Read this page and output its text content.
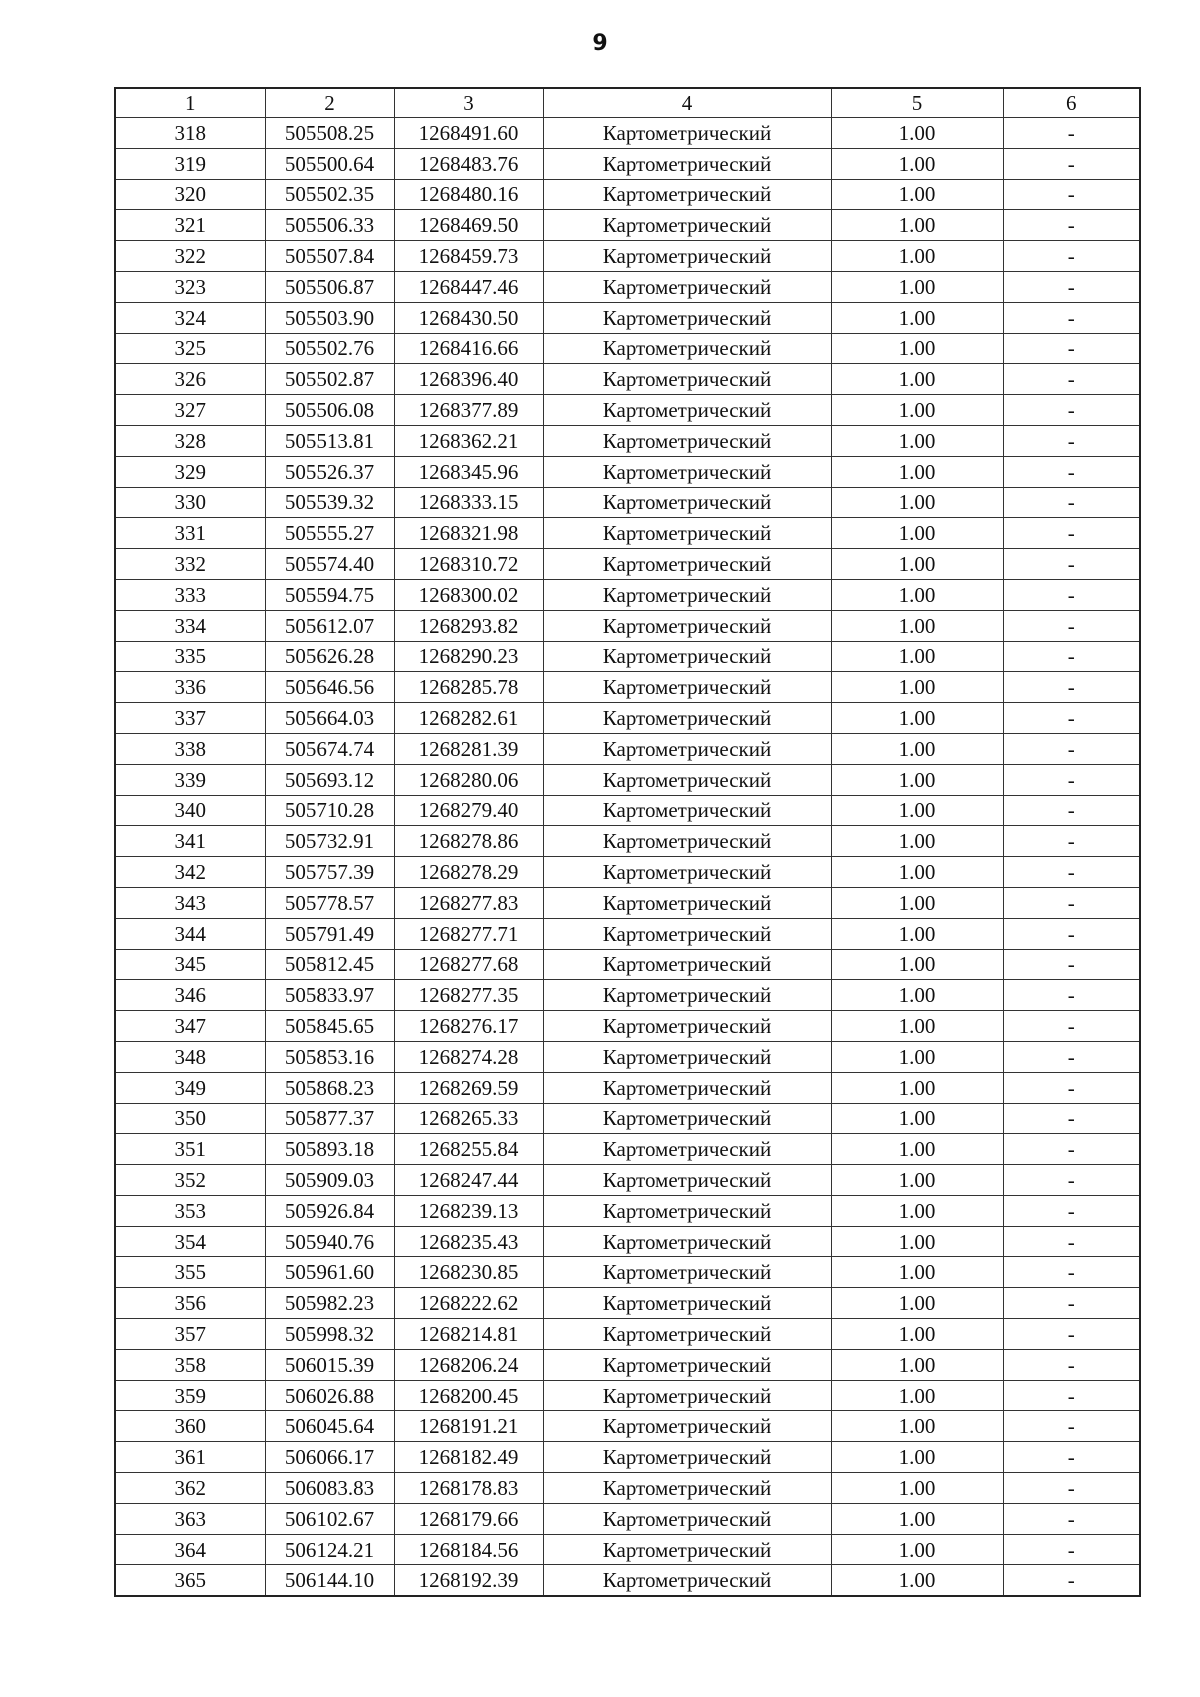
9
1	2	3	4	5	6
318	505508.25	1268491.60	Картометрический	1.00	-
319	505500.64	1268483.76	Картометрический	1.00	-
320	505502.35	1268480.16	Картометрический	1.00	-
321	505506.33	1268469.50	Картометрический	1.00	-
322	505507.84	1268459.73	Картометрический	1.00	-
323	505506.87	1268447.46	Картометрический	1.00	-
324	505503.90	1268430.50	Картометрический	1.00	-
325	505502.76	1268416.66	Картометрический	1.00	-
326	505502.87	1268396.40	Картометрический	1.00	-
327	505506.08	1268377.89	Картометрический	1.00	-
328	505513.81	1268362.21	Картометрический	1.00	-
329	505526.37	1268345.96	Картометрический	1.00	-
330	505539.32	1268333.15	Картометрический	1.00	-
331	505555.27	1268321.98	Картометрический	1.00	-
332	505574.40	1268310.72	Картометрический	1.00	-
333	505594.75	1268300.02	Картометрический	1.00	-
334	505612.07	1268293.82	Картометрический	1.00	-
335	505626.28	1268290.23	Картометрический	1.00	-
336	505646.56	1268285.78	Картометрический	1.00	-
337	505664.03	1268282.61	Картометрический	1.00	-
338	505674.74	1268281.39	Картометрический	1.00	-
339	505693.12	1268280.06	Картометрический	1.00	-
340	505710.28	1268279.40	Картометрический	1.00	-
341	505732.91	1268278.86	Картометрический	1.00	-
342	505757.39	1268278.29	Картометрический	1.00	-
343	505778.57	1268277.83	Картометрический	1.00	-
344	505791.49	1268277.71	Картометрический	1.00	-
345	505812.45	1268277.68	Картометрический	1.00	-
346	505833.97	1268277.35	Картометрический	1.00	-
347	505845.65	1268276.17	Картометрический	1.00	-
348	505853.16	1268274.28	Картометрический	1.00	-
349	505868.23	1268269.59	Картометрический	1.00	-
350	505877.37	1268265.33	Картометрический	1.00	-
351	505893.18	1268255.84	Картометрический	1.00	-
352	505909.03	1268247.44	Картометрический	1.00	-
353	505926.84	1268239.13	Картометрический	1.00	-
354	505940.76	1268235.43	Картометрический	1.00	-
355	505961.60	1268230.85	Картометрический	1.00	-
356	505982.23	1268222.62	Картометрический	1.00	-
357	505998.32	1268214.81	Картометрический	1.00	-
358	506015.39	1268206.24	Картометрический	1.00	-
359	506026.88	1268200.45	Картометрический	1.00	-
360	506045.64	1268191.21	Картометрический	1.00	-
361	506066.17	1268182.49	Картометрический	1.00	-
362	506083.83	1268178.83	Картометрический	1.00	-
363	506102.67	1268179.66	Картометрический	1.00	-
364	506124.21	1268184.56	Картометрический	1.00	-
365	506144.10	1268192.39	Картометрический	1.00	-
